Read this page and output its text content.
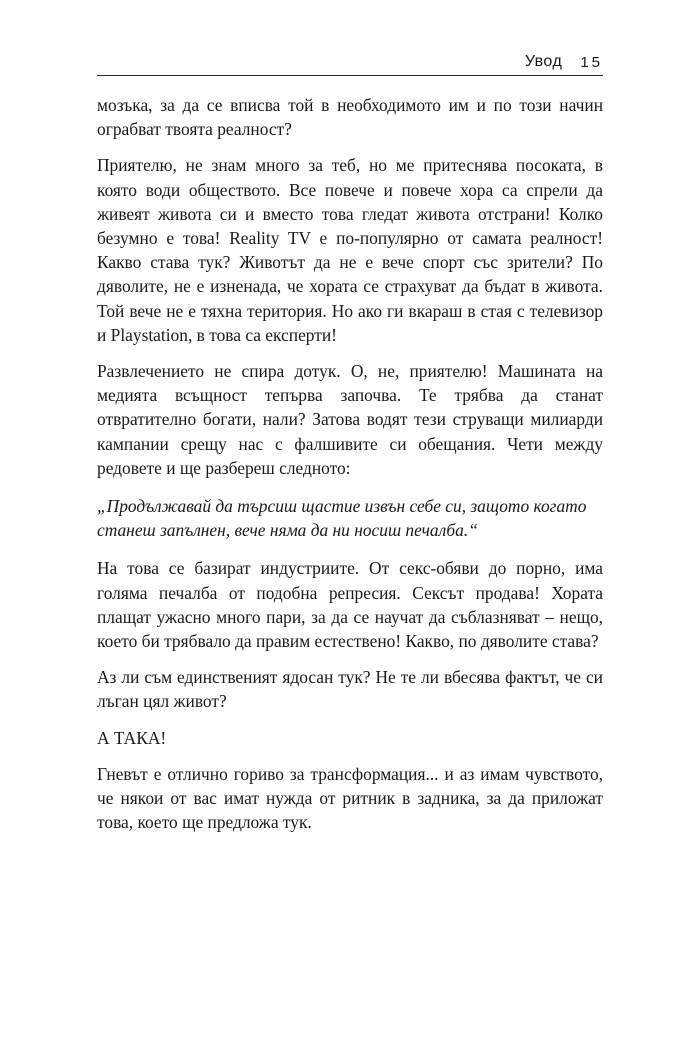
Увод 15

мозъка, за да се вписва той в необходимото им и по този начин ограбват твоята реалност?

Приятелю, не знам много за теб, но ме притеснява посоката, в която води обществото. Все повече и повече хора са спрели да живеят живота си и вместо това гледат живота отстрани! Колко безумно е това! Reality TV е по-популярно от самата реалност! Какво става тук? Животът да не е вече спорт със зрители? По дяволите, не е изненада, че хората се страхуват да бъдат в живота. Той вече не е тяхна територия. Но ако ги вкараш в стая с телевизор и Playstation, в това са експерти!

Развлечението не спира дотук. О, не, приятелю! Машината на медията всъщност тепърва започва. Те трябва да станат отвратително богати, нали? Затова водят тези струващи милиарди кампании срещу нас с фалшивите си обещания. Чети между редовете и ще разбереш следното:

„Продължавай да търсиш щастие извън себе си, защото когато станеш запълнен, вече няма да ни носиш печалба.“

На това се базират индустриите. От секс-обяви до порно, има голяма печалба от подобна репресия. Сексът продава! Хората плащат ужасно много пари, за да се научат да съблазняват – нещо, което би трябвало да правим естествено! Какво, по дяволите става?

Аз ли съм единственият ядосан тук? Не те ли вбесява фактът, че си лъган цял живот?

А ТАКА!

Гневът е отлично гориво за трансформация... и аз имам чувството, че някои от вас имат нужда от ритник в задника, за да приложат това, което ще предложа тук.
